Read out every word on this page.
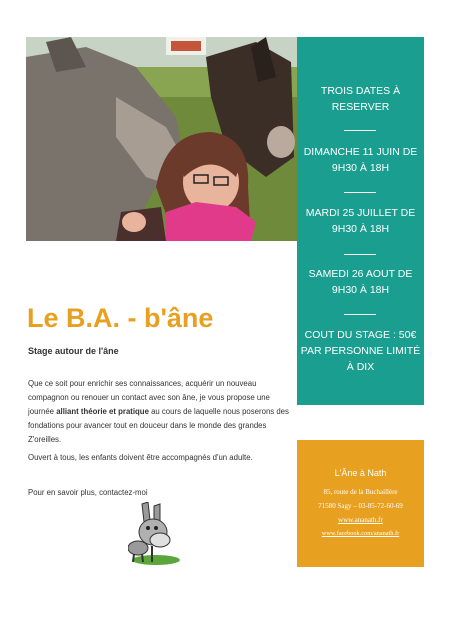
TROIS DATES À RESERVER
DIMANCHE 11 JUIN DE 9H30 À 18H
MARDI 25 JUILLET DE 9H30 À 18H
SAMEDI 26 AOUT DE 9H30 À 18H
COUT DU STAGE : 50€ PAR PERSONNE LIMITÉ À DIX
Le B.A. - b'âne
Stage autour de l'âne
Que ce soit pour enrichir ses connaissances, acquérir un nouveau compagnon ou renouer un contact avec son âne, je vous propose une journée alliant théorie et pratique au cours de laquelle nous poserons des fondations pour avancer tout en douceur dans le monde des grandes Z'oreilles.
Ouvert à tous, les enfants doivent être accompagnés d'un adulte.
Pour en savoir plus, contactez-moi
L'Âne à Nath
85, route de la Buchaillère
71580 Sagy – 03-85-72-60-69
www.ananath.fr
www.facebook.com/ananath.fr
